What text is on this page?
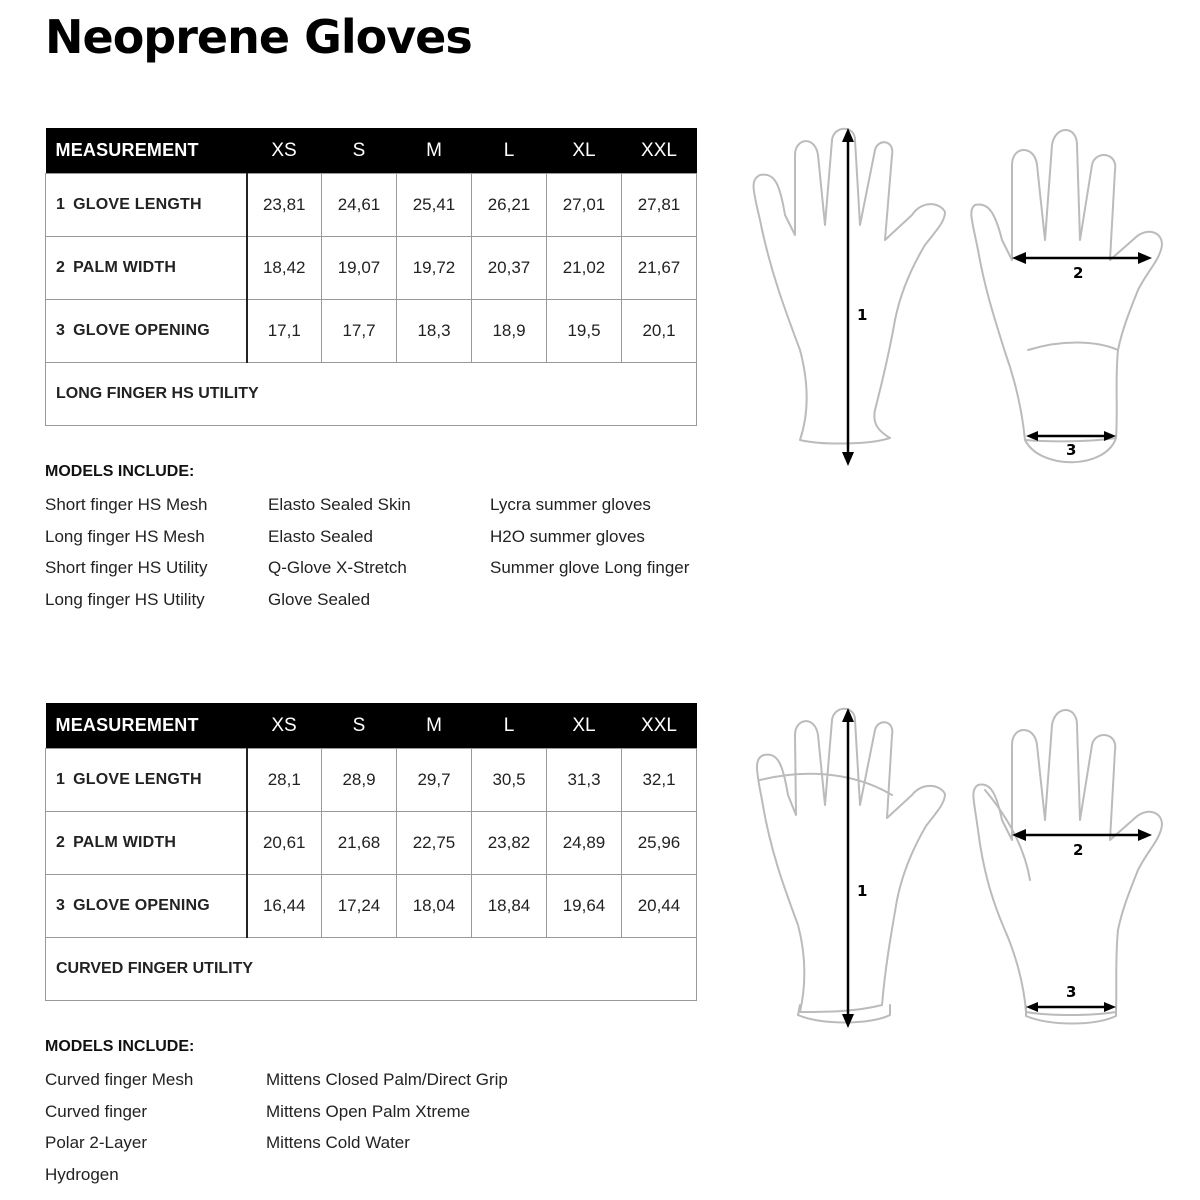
Neoprene Gloves
MEASUREMENT	XS	S	M	L	XL	XXL
1 GLOVE LENGTH	23,81	24,61	25,41	26,21	27,01	27,81
2 PALM WIDTH	18,42	19,07	19,72	20,37	21,02	21,67
3 GLOVE OPENING	17,1	17,7	18,3	18,9	19,5	20,1
LONG FINGER HS UTILITY						
MODELS INCLUDE:
Short finger HS Mesh
Long finger HS Mesh
Short finger HS Utility
Long finger HS Utility
Elasto Sealed Skin
Elasto Sealed
Q-Glove X-Stretch
Glove Sealed
Lycra summer gloves
H2O summer gloves
Summer glove Long finger
1
2
3
MEASUREMENT	XS	S	M	L	XL	XXL
1 GLOVE LENGTH	28,1	28,9	29,7	30,5	31,3	32,1
2 PALM WIDTH	20,61	21,68	22,75	23,82	24,89	25,96
3 GLOVE OPENING	16,44	17,24	18,04	18,84	19,64	20,44
CURVED FINGER UTILITY						
MODELS INCLUDE:
Curved finger Mesh
Curved finger
Polar 2-Layer
Hydrogen
Mittens Closed Palm/Direct Grip
Mittens Open Palm Xtreme
Mittens Cold Water
1
2
3
